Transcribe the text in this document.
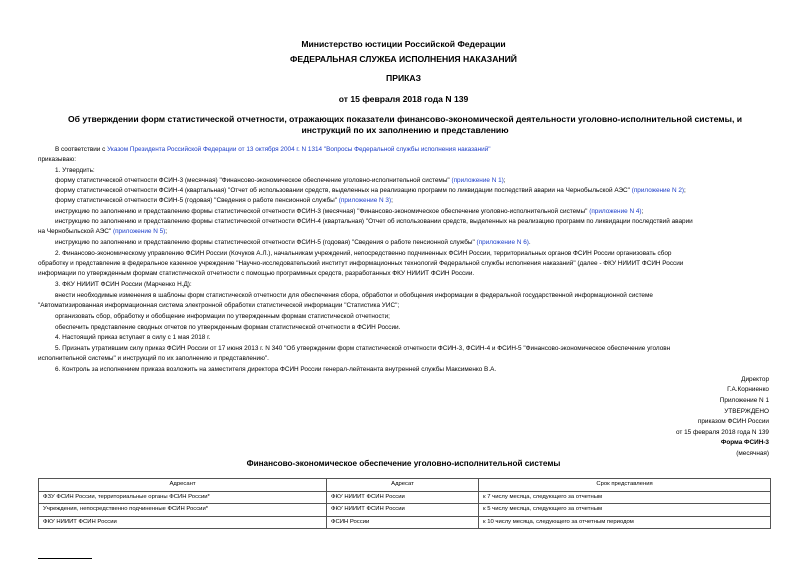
Министерство юстиции Российской Федерации
ФЕДЕРАЛЬНАЯ СЛУЖБА ИСПОЛНЕНИЯ НАКАЗАНИЙ
ПРИКАЗ
от 15 февраля 2018 года N 139
Об утверждении форм статистической отчетности, отражающих показатели финансово-экономической деятельности уголовно-исполнительной системы, и
инструкций по их заполнению и представлению
В соответствии с Указом Президента Российской Федерации от 13 октября 2004 г. N 1314 "Вопросы Федеральной службы исполнения наказаний"
приказываю:
1. Утвердить:
форму статистической отчетности ФСИН-3 (месячная) "Финансово-экономическое обеспечение уголовно-исполнительной системы" (приложение N 1);
форму статистической отчетности ФСИН-4 (квартальная) "Отчет об использовании средств, выделенных на реализацию программ по ликвидации последствий аварии на Чернобыльской АЭС" (приложение N 2);
форму статистической отчетности ФСИН-5 (годовая) "Сведения о работе пенсионной службы" (приложение N 3);
инструкцию по заполнению и представлению формы статистической отчетности ФСИН-3 (месячная) "Финансово-экономическое обеспечение уголовно-исполнительной системы" (приложение N 4);
инструкцию по заполнению и представлению формы статистической отчетности ФСИН-4 (квартальная) "Отчет об использовании средств, выделенных на реализацию программ по ликвидации последствий аварии
на Чернобыльской АЭС" (приложение N 5);
инструкцию по заполнению и представлению формы статистической отчетности ФСИН-5 (годовая) "Сведения о работе пенсионной службы" (приложение N 6).
2. Финансово-экономическому управлению ФСИН России (Кочуков А.Л.), начальникам учреждений, непосредственно подчиненных ФСИН России, территориальных органов ФСИН России организовать сбор
обработку и представление в федеральное казенное учреждение "Научно-исследовательский институт информационных технологий Федеральной службы исполнения наказаний" (далее - ФКУ НИИИТ ФСИН России
информации по утвержденным формам статистической отчетности с помощью программных средств, разработанных ФКУ НИИИТ ФСИН России.
3. ФКУ НИИИТ ФСИН России (Марченко Н.Д):
внести необходимые изменения в шаблоны форм статистической отчетности для обеспечения сбора, обработки и обобщения информации в федеральной государственной информационной системе
"Автоматизированная информационная система электронной обработки статистической информации "Статистика УИС";
организовать сбор, обработку и обобщение информации по утвержденным формам статистической отчетности;
обеспечить представление сводных отчетов по утвержденным формам статистической отчетности в ФСИН России.
4. Настоящий приказ вступает в силу с 1 мая 2018 г.
5. Признать утратившим силу приказ ФСИН России от 17 июня 2013 г. N 340 "Об утверждении форм статистической отчетности ФСИН-3, ФСИН-4 и ФСИН-5 "Финансово-экономическое обеспечение уголовн
исполнительной системы" и инструкций по их заполнению и представлению".
6. Контроль за исполнением приказа возложить на заместителя директора ФСИН России генерал-лейтенанта внутренней службы Максименко В.А.
Директор
Г.А.Корниенко
Приложение N 1
УТВЕРЖДЕНО
приказом ФСИН России
от 15 февраля 2018 года N 139
Форма ФСИН-3
(месячная)
Финансово-экономическое обеспечение уголовно-исполнительной системы
Адресант	Адресат	Срок представления
ФЗУ ФСИН России, территориальные органы ФСИН России*	ФКУ НИИИТ ФСИН России	к 7 числу месяца, следующего за отчетным
Учреждения, непосредственно подчиненные ФСИН России*	ФКУ НИИИТ ФСИН России	к 5 числу месяца, следующего за отчетным
ФКУ НИИИТ ФСИН России	ФСИН России	к 10 числу месяца, следующего за отчетным периодом
